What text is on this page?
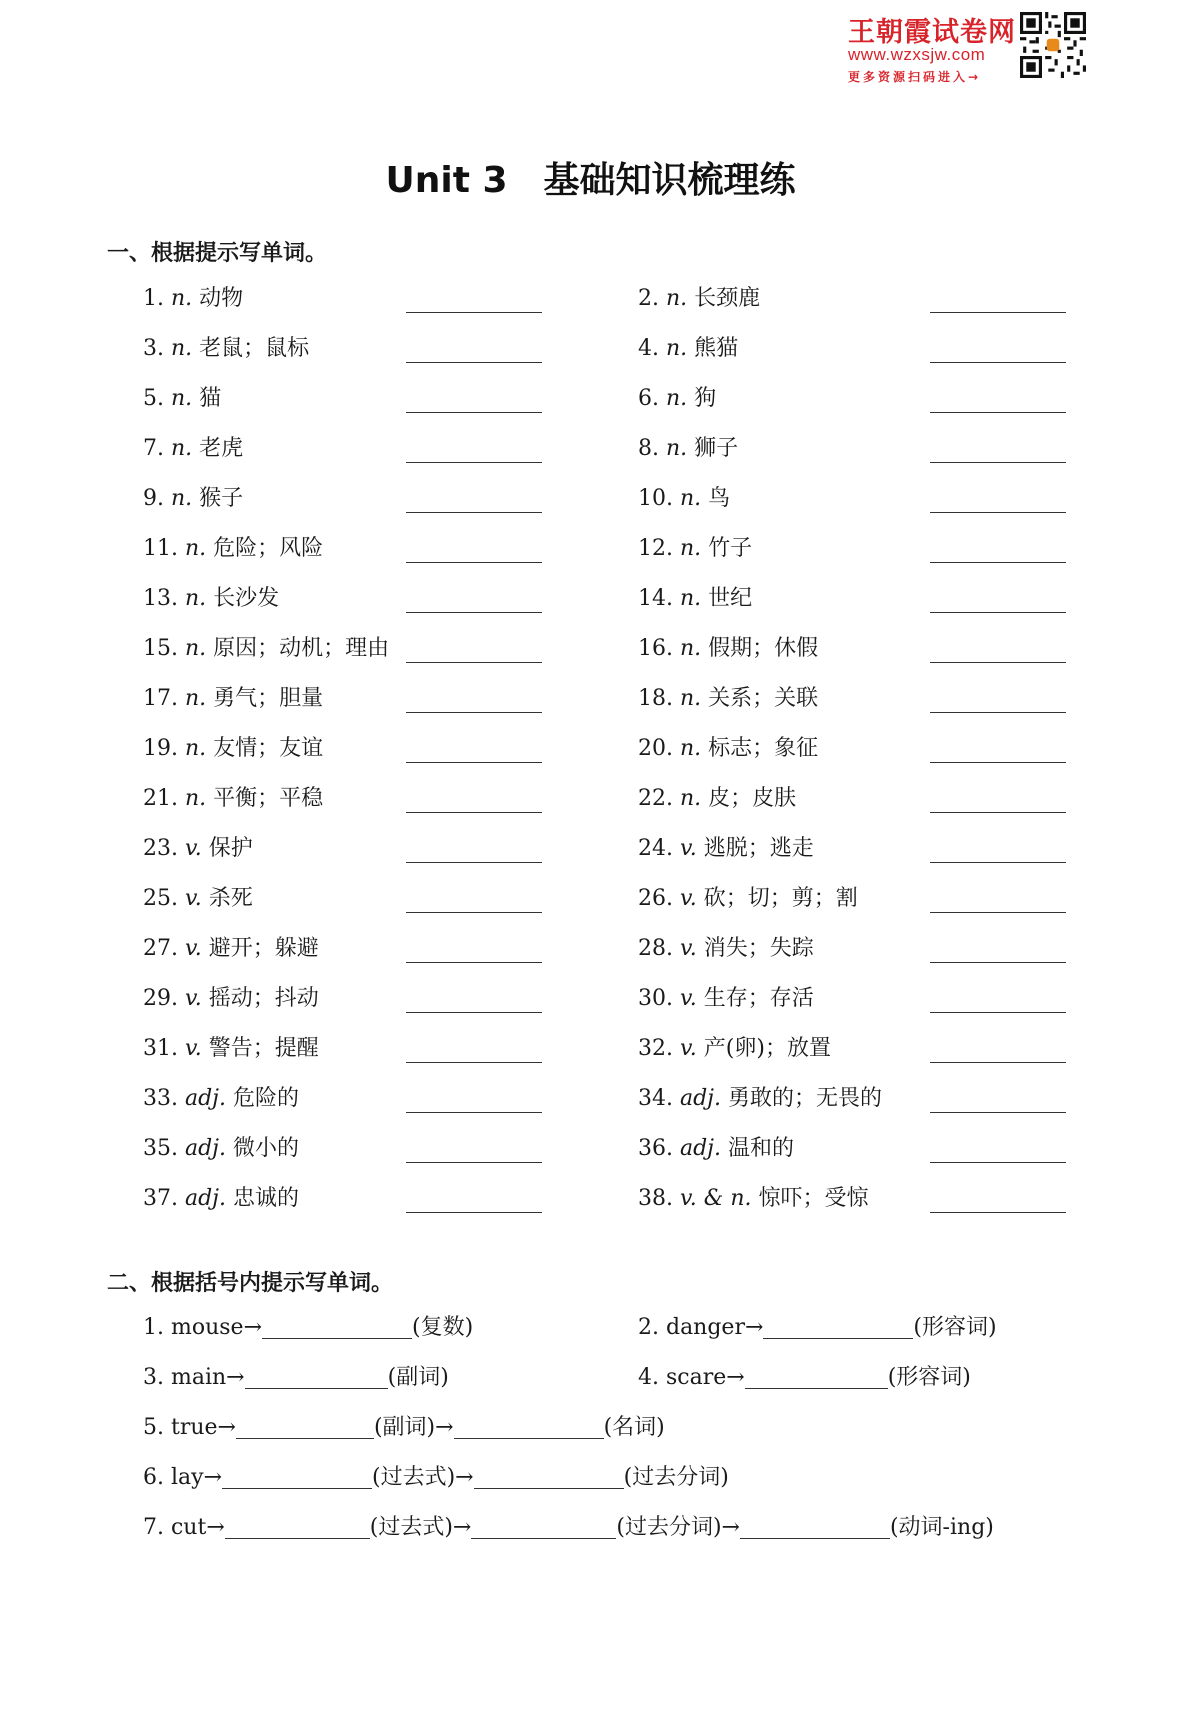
王朝霞试卷网
www.wzxsjw.com
更多资源扫码进入→
Unit 3　基础知识梳理练
一、根据提示写单词。
1. n. 动物	2. n. 长颈鹿
3. n. 老鼠；鼠标	4. n. 熊猫
5. n. 猫	6. n. 狗
7. n. 老虎	8. n. 狮子
9. n. 猴子	10. n. 鸟
11. n. 危险；风险	12. n. 竹子
13. n. 长沙发	14. n. 世纪
15. n. 原因；动机；理由	16. n. 假期；休假
17. n. 勇气；胆量	18. n. 关系；关联
19. n. 友情；友谊	20. n. 标志；象征
21. n. 平衡；平稳	22. n. 皮；皮肤
23. v. 保护	24. v. 逃脱；逃走
25. v. 杀死	26. v. 砍；切；剪；割
27. v. 避开；躲避	28. v. 消失；失踪
29. v. 摇动；抖动	30. v. 生存；存活
31. v. 警告；提醒	32. v. 产(卵)；放置
33. adj. 危险的	34. adj. 勇敢的；无畏的
35. adj. 微小的	36. adj. 温和的
37. adj. 忠诚的	38. v. & n. 惊吓；受惊
二、根据括号内提示写单词。
1. mouse→	(复数)	2. danger→	(形容词)
3. main→	(副词)	4. scare→	(形容词)
5. true→	(副词)→	(名词)
6. lay→	(过去式)→	(过去分词)
7. cut→	(过去式)→	(过去分词)→	(动词-ing)
